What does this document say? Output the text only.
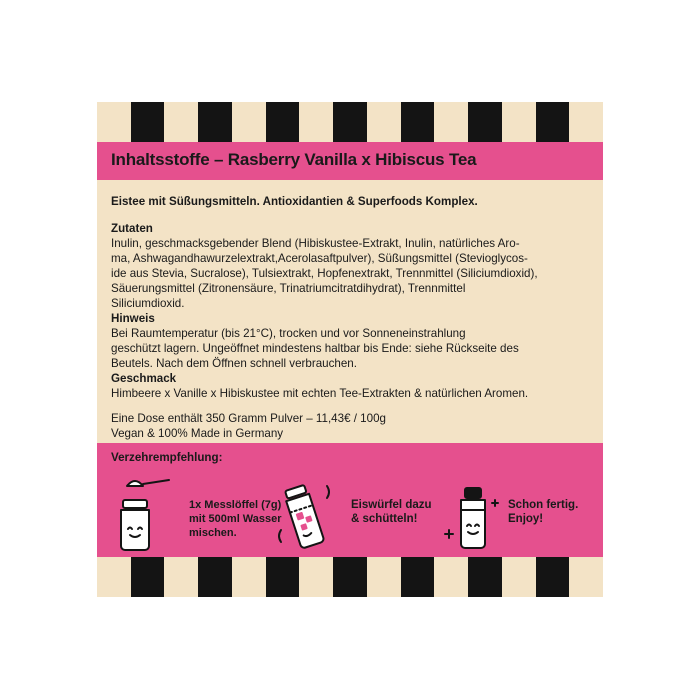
Inhaltsstoffe – Rasberry Vanilla x Hibiscus Tea

Eistee mit Süßungsmitteln. Antioxidantien & Superfoods Komplex.

Zutaten

Inulin, geschmacksgebender Blend (Hibiskustee-Extrakt, Inulin, natürliches Aro-
ma, Ashwagandhawurzelextrakt,Acerolasaftpulver), Süßungsmittel (Stevioglycos-
ide aus Stevia, Sucralose), Tulsiextrakt, Hopfenextrakt, Trennmittel (Siliciumdioxid),
Säuerungsmittel (Zitronensäure, Trinatriumcitratdihydrat), Trennmittel
Siliciumdioxid.

Hinweis

Bei Raumtemperatur (bis 21°C), trocken und vor Sonneneinstrahlung
geschützt lagern. Ungeöffnet mindestens haltbar bis Ende: siehe Rückseite des
Beutels. Nach dem Öffnen schnell verbrauchen.

Geschmack

Himbeere x Vanille x Hibiskustee mit echten Tee-Extrakten & natürlichen Aromen.

Eine Dose enthält 350 Gramm Pulver – 11,43€ / 100g
Vegan & 100% Made in Germany

Verzehrempfehlung:

1x Messlöffel (7g)
mit 500ml Wasser
mischen.

Eiswürfel dazu
& schütteln!

Schon fertig.
Enjoy!
